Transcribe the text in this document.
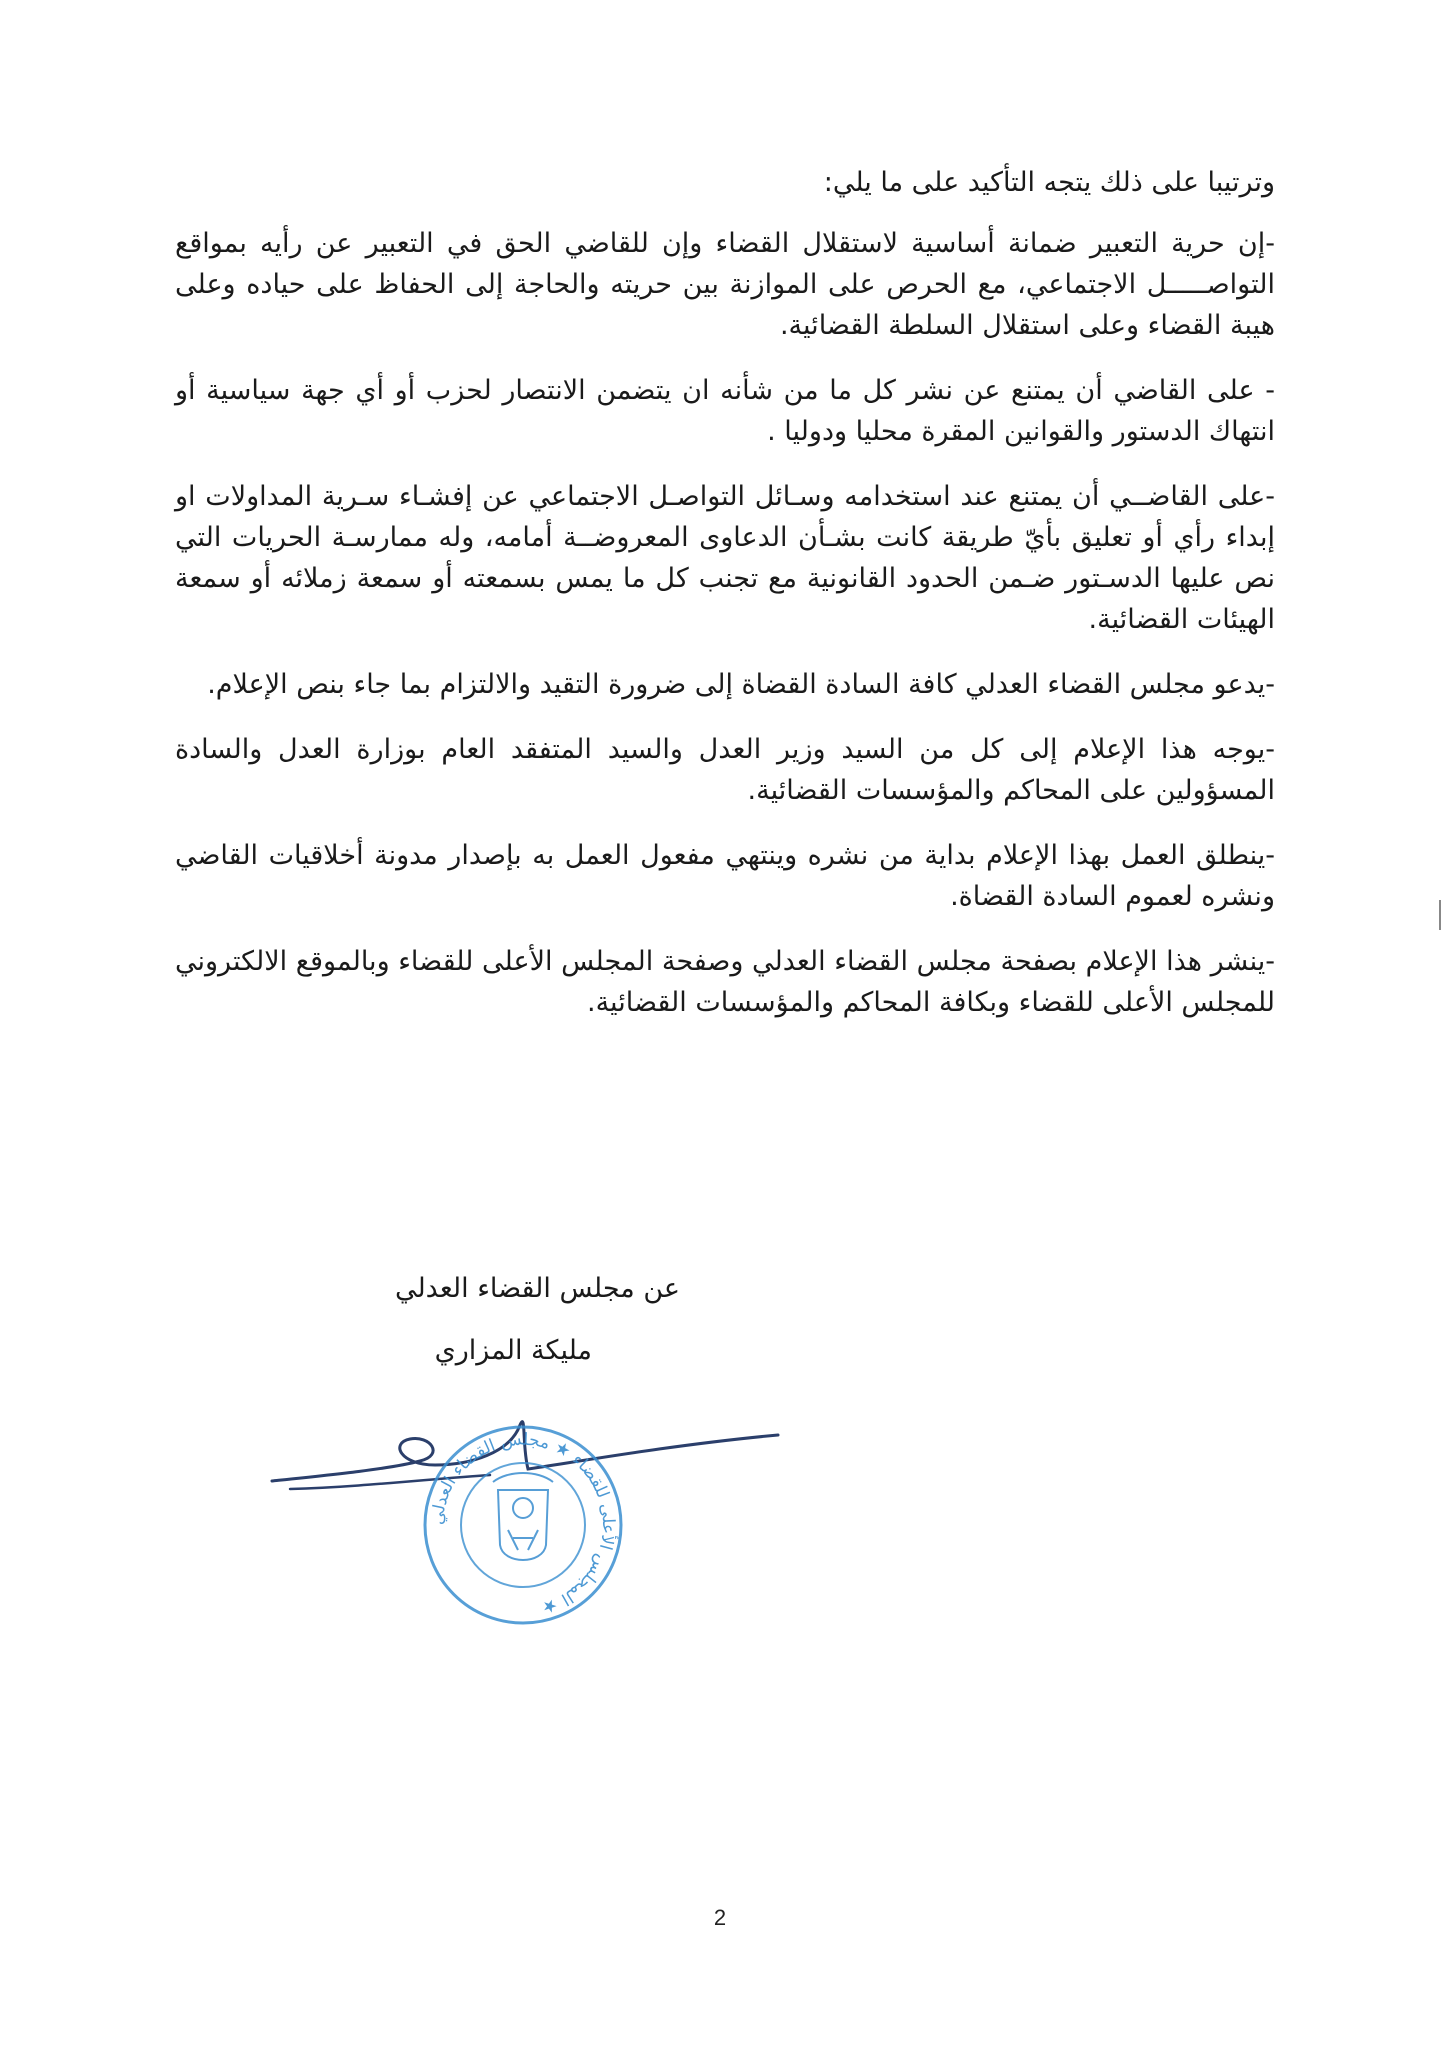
وترتيبا على ذلك يتجه التأكيد على ما يلي:

-إن حرية التعبير ضمانة أساسية لاستقلال القضاء وإن للقاضي الحق في التعبير عن رأيه بمواقع التواصـــــل الاجتماعي، مع الحرص على الموازنة بين حريته والحاجة إلى الحفاظ على حياده وعلى هيبة القضاء وعلى استقلال السلطة القضائية.

- على القاضي أن يمتنع عن نشر كل ما من شأنه ان يتضمن الانتصار لحزب أو أي جهة سياسية أو انتهاك الدستور والقوانين المقرة محليا ودوليا .

-على القاضــي أن يمتنع عند استخدامه وسـائل التواصـل الاجتماعي عن إفشـاء سـرية المداولات او إبداء رأي أو تعليق بأيّ طريقة كانت بشـأن الدعاوى المعروضــة أمامه، وله ممارسـة الحريات التي نص عليها الدسـتور ضـمن الحدود القانونية مع تجنب كل ما يمس بسمعته أو سمعة زملائه أو سمعة الهيئات القضائية.

-يدعو مجلس القضاء العدلي كافة السادة القضاة إلى ضرورة التقيد والالتزام بما جاء بنص الإعلام.

-يوجه هذا الإعلام إلى كل من السيد وزير العدل والسيد المتفقد العام بوزارة العدل والسادة المسؤولين على المحاكم والمؤسسات القضائية.

-ينطلق العمل بهذا الإعلام بداية من نشره وينتهي مفعول العمل به بإصدار مدونة أخلاقيات القاضي ونشره لعموم السادة القضاة.

-ينشر هذا الإعلام بصفحة مجلس القضاء العدلي وصفحة المجلس الأعلى للقضاء وبالموقع الالكتروني للمجلس الأعلى للقضاء وبكافة المحاكم والمؤسسات القضائية.

عن مجلس القضاء العدلي
مليكة المزاري
المجلس الأعلى للقضاء ★ مجلس القضاء العدلي ★
2
